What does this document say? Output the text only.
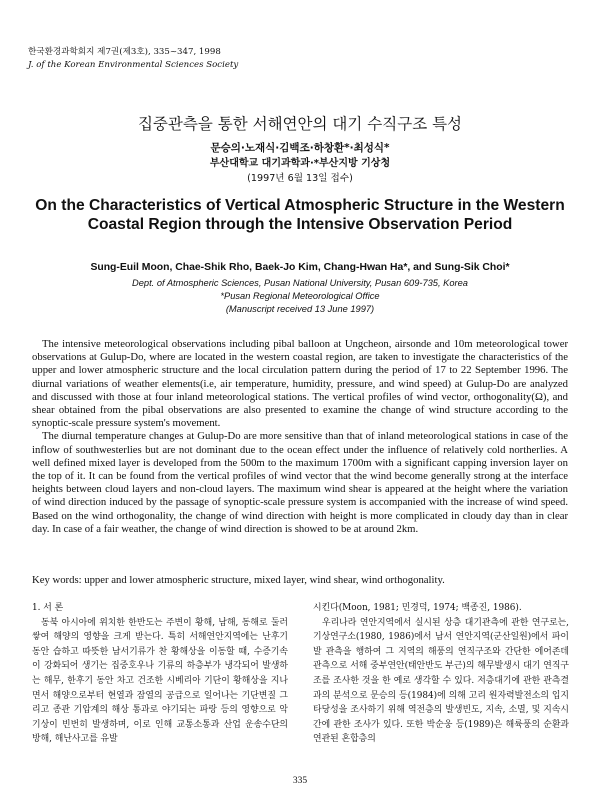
한국환경과학회지 제7권(제3호), 335~347, 1998
J. of the Korean Environmental Sciences Society
집중관측을 통한 서해연안의 대기 수직구조 특성
문승의·노재식·김백조·하창환*·최성식*
부산대학교 대기과학과·*부산지방 기상청
(1997년 6월 13일 접수)
On the Characteristics of Vertical Atmospheric Structure in the Western Coastal Region through the Intensive Observation Period
Sung-Euil Moon, Chae-Shik Rho, Baek-Jo Kim, Chang-Hwan Ha*, and Sung-Sik Choi*
Dept. of Atmospheric Sciences, Pusan National University, Pusan 609-735, Korea
*Pusan Regional Meteorological Office
(Manuscript received 13 June 1997)

The intensive meteorological observations including pibal balloon at Ungcheon, airsonde and 10m meteorological tower observations at Gulup-Do, where are located in the western coastal region, are taken to investigate the characteristics of the upper and lower atmospheric structure and the local circulation pattern during the period of 17 to 22 September 1996. The diurnal variations of weather elements(i.e, air temperature, humidity, pressure, and wind speed) at Gulup-Do are analyzed and discussed with those at four inland meteorological stations. The vertical profiles of wind vector, orthogonality(Ω), and shear obtained from the pibal observations are also presented to examine the change of wind structure according to the synoptic-scale pressure system's movement.

The diurnal temperature changes at Gulup-Do are more sensitive than that of inland meteorological stations in case of the inflow of southwesterlies but are not dominant due to the ocean effect under the influence of relatively cold northerlies. A well defined mixed layer is developed from the 500m to the maximum 1700m with a significant capping inversion layer on the top of it. It can be found from the vertical profiles of wind vector that the wind become generally strong at the interface heights between cloud layers and non-cloud layers. The maximum wind shear is appeared at the height where the variation of wind direction induced by the passage of synoptic-scale pressure system is accompanied with the increase of wind speed. Based on the wind orthogonality, the change of wind direction with height is more complicated in cloudy day than in clear day. In case of a fair weather, the change of wind direction is showed to be at around 2km.

Key words: upper and lower atmospheric structure, mixed layer, wind shear, wind orthogonality.
1. 서 론

동북 아시아에 위치한 한반도는 주변이 황해, 남해, 동해로 둘러쌓여 해양의 영향을 크게 받는다. 특히 서해연안지역에는 난후기 동안 습하고 따뜻한 남서기류가 찬 황해상을 이동할 때, 수증기속이 강화되어 생기는 집중호우나 기류의 하층부가 냉각되어 발생하는 해무, 한후기 동안 차고 건조한 시베리아 기단이 황해상을 지나면서 해양으로부터 현열과 잠열의 공급으로 일어나는 기단변질 그리고 종관 기압계의 해상 통과로 야기되는 파랑 등의 영향으로 악기상이 빈번히 발생하며, 이로 인해 교통소통과 산업 운송수단의 방해, 해난사고를 유발

시킨다(Moon, 1981; 민경덕, 1974; 백종진, 1986).

우리나라 연안지역에서 실시된 상층 대기관측에 관한 연구로는, 기상연구소(1980, 1986)에서 남서 연안지역(군산일원)에서 파이발 관측을 행하여 그 지역의 해풍의 연직구조와 간단한 에어존데 관측으로 서해 중부연안(태안반도 부근)의 해무발생시 대기 연직구조를 조사한 것을 한 예로 생각할 수 있다. 저층대기에 관한 관측결과의 분석으로 문승의 등(1984)에 의해 고리 원자력발전소의 입지타당성을 조사하기 위해 역전층의 발생빈도, 지속, 소멸, 및 지속시간에 관한 조사가 있다. 또한 박순웅 등(1989)은 해륙풍의 순환과 연관된 혼합층의

335
